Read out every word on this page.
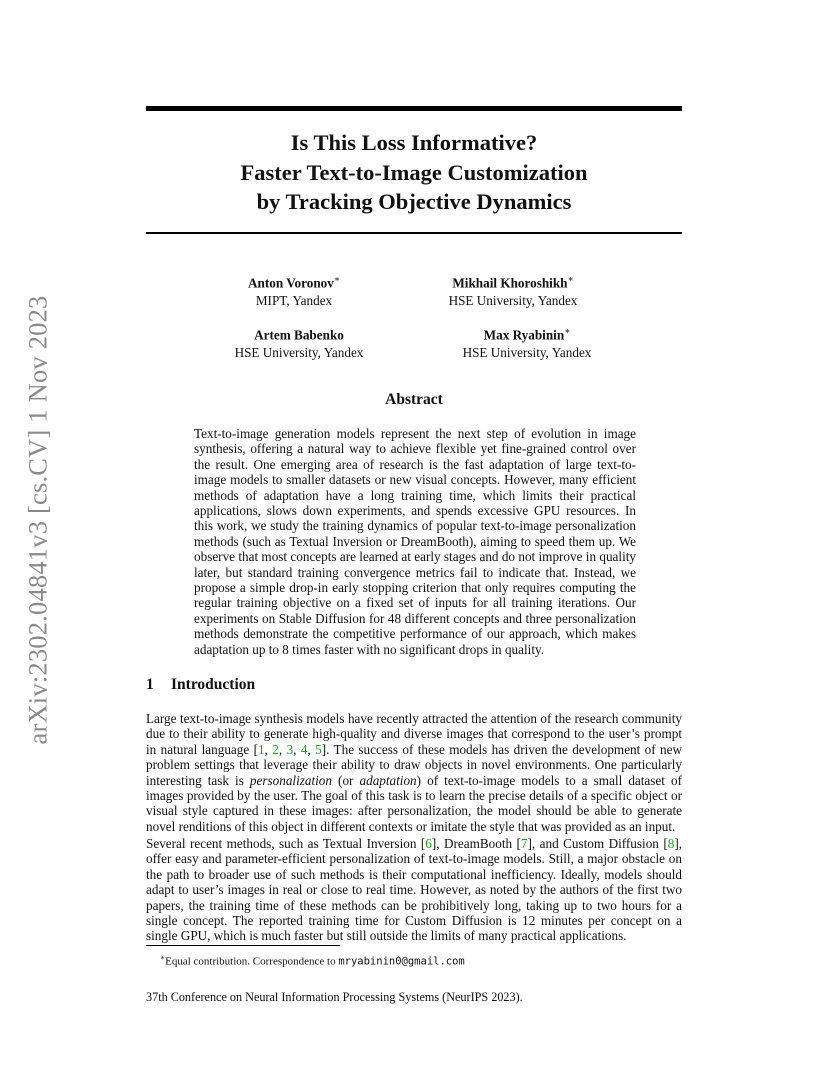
arXiv:2302.04841v3 [cs.CV] 1 Nov 2023
Is This Loss Informative?
Faster Text-to-Image Customization
by Tracking Objective Dynamics
Anton Voronov∗
MIPT, Yandex
Mikhail Khoroshikh∗
HSE University, Yandex
Artem Babenko
HSE University, Yandex
Max Ryabinin∗
HSE University, Yandex
Abstract
Text-to-image generation models represent the next step of evolution in image synthesis, offering a natural way to achieve flexible yet fine-grained control over the result. One emerging area of research is the fast adaptation of large text-to-image models to smaller datasets or new visual concepts. However, many efficient methods of adaptation have a long training time, which limits their practical applications, slows down experiments, and spends excessive GPU resources. In this work, we study the training dynamics of popular text-to-image personalization methods (such as Textual Inversion or DreamBooth), aiming to speed them up. We observe that most concepts are learned at early stages and do not improve in quality later, but standard training convergence metrics fail to indicate that. Instead, we propose a simple drop-in early stopping criterion that only requires computing the regular training objective on a fixed set of inputs for all training iterations. Our experiments on Stable Diffusion for 48 different concepts and three personalization methods demonstrate the competitive performance of our approach, which makes adaptation up to 8 times faster with no significant drops in quality.
1 Introduction
Large text-to-image synthesis models have recently attracted the attention of the research community due to their ability to generate high-quality and diverse images that correspond to the user’s prompt in natural language [1, 2, 3, 4, 5]. The success of these models has driven the development of new problem settings that leverage their ability to draw objects in novel environments. One particularly interesting task is personalization (or adaptation) of text-to-image models to a small dataset of images provided by the user. The goal of this task is to learn the precise details of a specific object or visual style captured in these images: after personalization, the model should be able to generate novel renditions of this object in different contexts or imitate the style that was provided as an input.
Several recent methods, such as Textual Inversion [6], DreamBooth [7], and Custom Diffusion [8], offer easy and parameter-efficient personalization of text-to-image models. Still, a major obstacle on the path to broader use of such methods is their computational inefficiency. Ideally, models should adapt to user’s images in real or close to real time. However, as noted by the authors of the first two papers, the training time of these methods can be prohibitively long, taking up to two hours for a single concept. The reported training time for Custom Diffusion is 12 minutes per concept on a single GPU, which is much faster but still outside the limits of many practical applications.
∗Equal contribution. Correspondence to mryabinin0@gmail.com
37th Conference on Neural Information Processing Systems (NeurIPS 2023).
